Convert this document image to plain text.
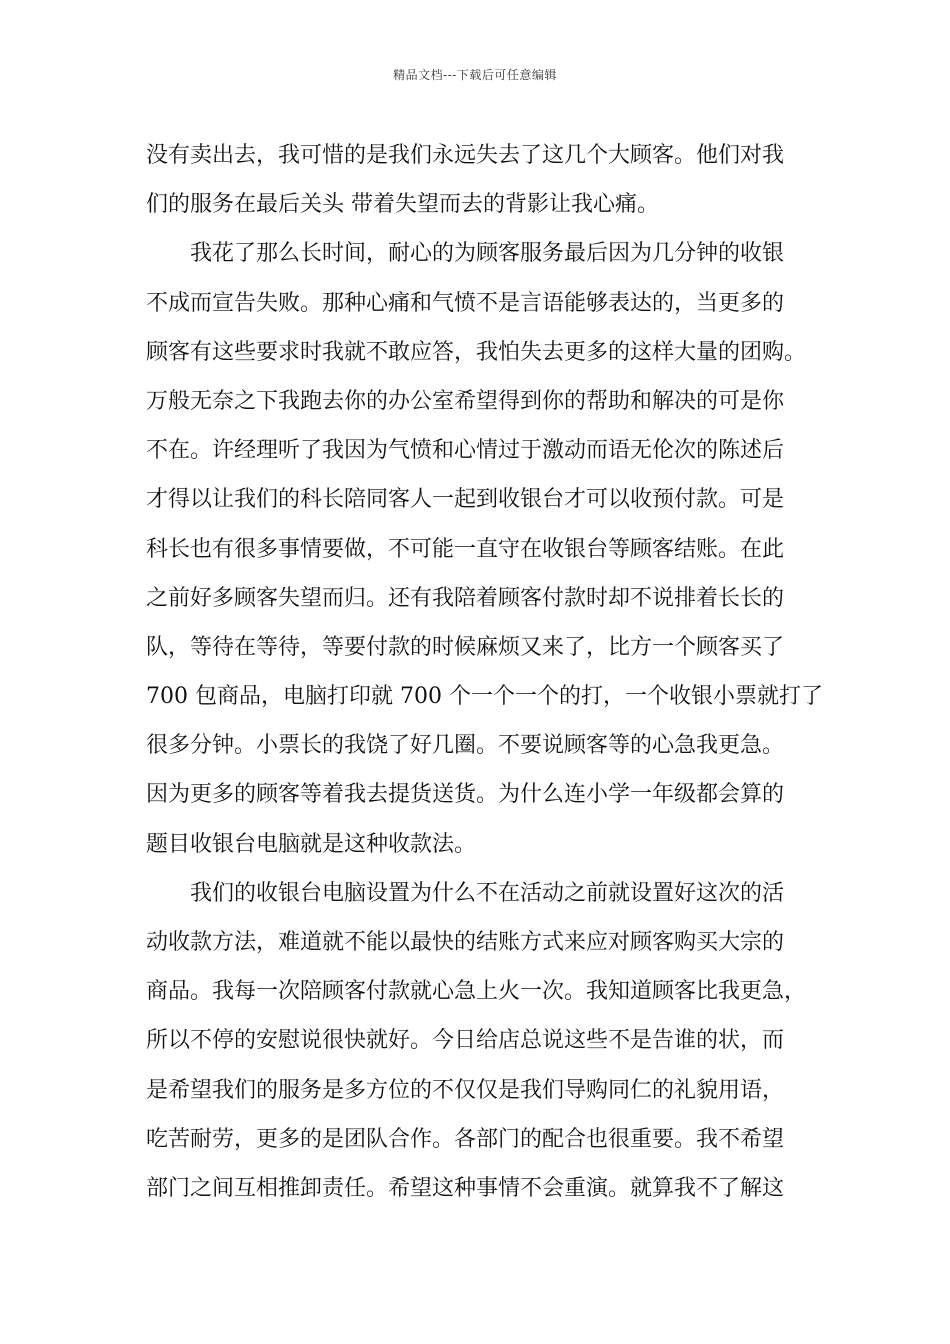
精品文档---下载后可任意编辑
没有卖出去，我可惜的是我们永远失去了这几个大顾客。他们对我
们的服务在最后关头 带着失望而去的背影让我心痛。
我花了那么长时间，耐心的为顾客服务最后因为几分钟的收银
不成而宣告失败。那种心痛和气愤不是言语能够表达的，当更多的
顾客有这些要求时我就不敢应答，我怕失去更多的这样大量的团购。
万般无奈之下我跑去你的办公室希望得到你的帮助和解决的可是你
不在。许经理听了我因为气愤和心情过于激动而语无伦次的陈述后
才得以让我们的科长陪同客人一起到收银台才可以收预付款。可是
科长也有很多事情要做，不可能一直守在收银台等顾客结账。在此
之前好多顾客失望而归。还有我陪着顾客付款时却不说排着长长的
队，等待在等待，等要付款的时候麻烦又来了，比方一个顾客买了
700 包商品，电脑打印就 700 个一个一个的打，一个收银小票就打了
很多分钟。小票长的我饶了好几圈。不要说顾客等的心急我更急。
因为更多的顾客等着我去提货送货。为什么连小学一年级都会算的
题目收银台电脑就是这种收款法。
我们的收银台电脑设置为什么不在活动之前就设置好这次的活
动收款方法，难道就不能以最快的结账方式来应对顾客购买大宗的
商品。我每一次陪顾客付款就心急上火一次。我知道顾客比我更急，
所以不停的安慰说很快就好。今日给店总说这些不是告谁的状，而
是希望我们的服务是多方位的不仅仅是我们导购同仁的礼貌用语，
吃苦耐劳，更多的是团队合作。各部门的配合也很重要。我不希望
部门之间互相推卸责任。希望这种事情不会重演。就算我不了解这
